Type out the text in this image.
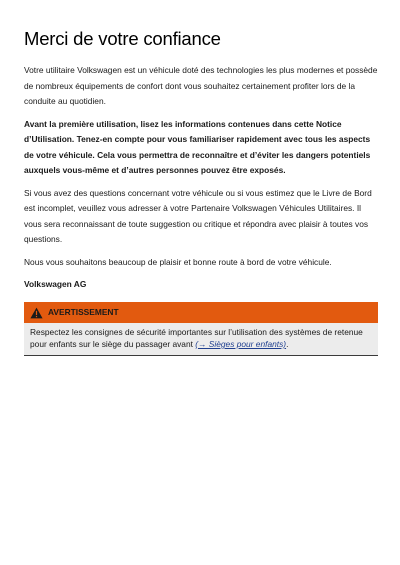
Merci de votre confiance

Votre utilitaire Volkswagen est un véhicule doté des technologies les plus modernes et possède de nombreux équipements de confort dont vous souhaitez certainement profiter lors de la conduite au quotidien.

Avant la première utilisation, lisez les informations contenues dans cette Notice d’Utilisation. Tenez-en compte pour vous familiariser rapidement avec tous les aspects de votre véhicule. Cela vous permettra de reconnaître et d’éviter les dangers potentiels auxquels vous-même et d’autres personnes pouvez être exposés.

Si vous avez des questions concernant votre véhicule ou si vous estimez que le Livre de Bord est incomplet, veuillez vous adresser à votre Partenaire Volkswagen Véhicules Utilitaires. Il vous sera reconnaissant de toute suggestion ou critique et répondra avec plaisir à toutes vos questions.

Nous vous souhaitons beaucoup de plaisir et bonne route à bord de votre véhicule.

Volkswagen AG

AVERTISSEMENT
Respectez les consignes de sécurité importantes sur l’utilisation des systèmes de retenue pour enfants sur le siège du passager avant (→ Sièges pour enfants).
